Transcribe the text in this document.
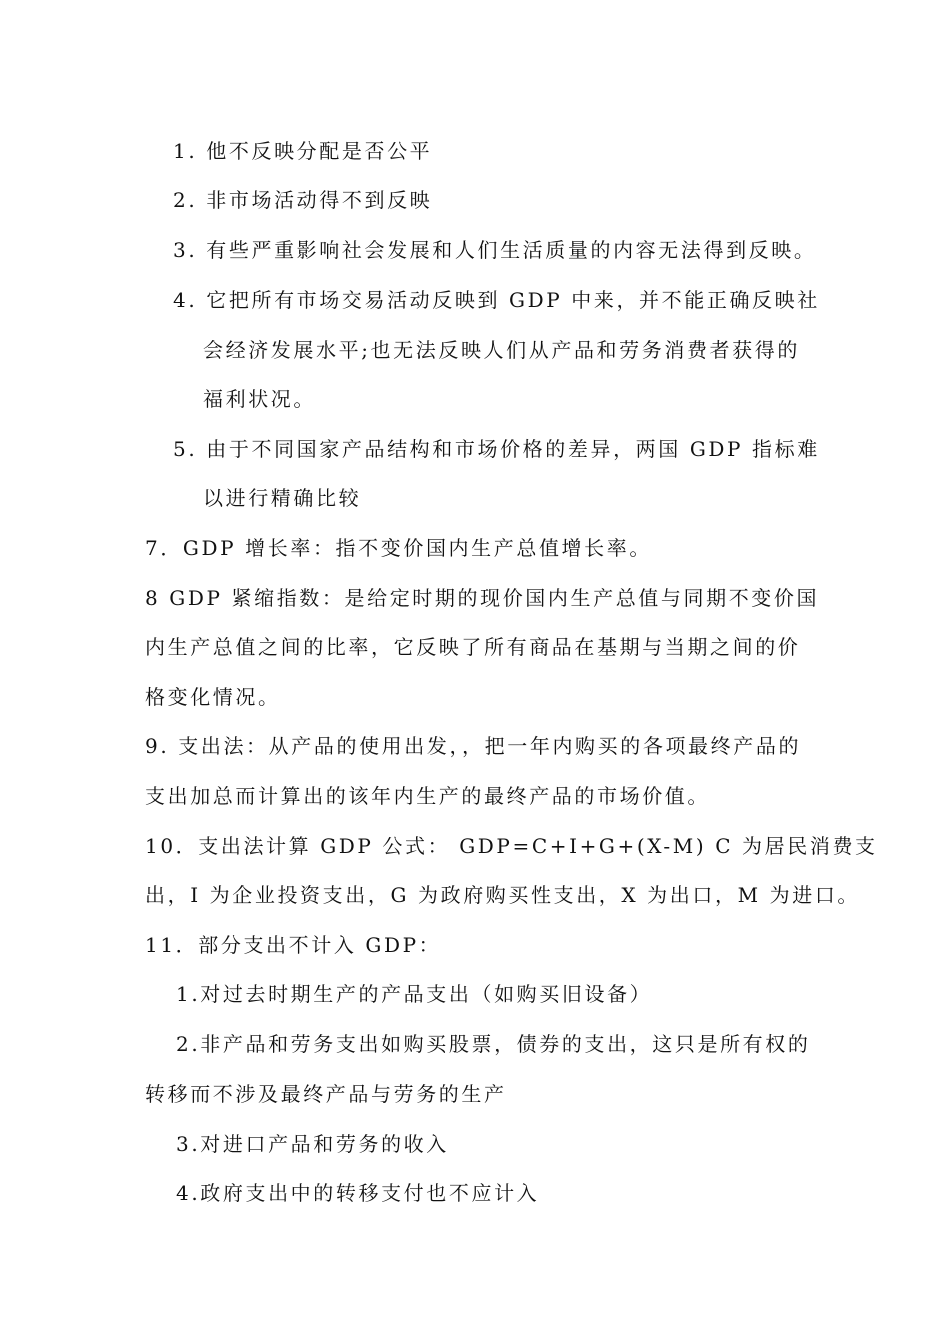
1. 他不反映分配是否公平
2. 非市场活动得不到反映
3. 有些严重影响社会发展和人们生活质量的内容无法得到反映。
4. 它把所有市场交易活动反映到 GDP 中来，并不能正确反映社
会经济发展水平;也无法反映人们从产品和劳务消费者获得的
福利状况。
5. 由于不同国家产品结构和市场价格的差异，两国 GDP 指标难
以进行精确比较
7．GDP 增长率：指不变价国内生产总值增长率。
8 GDP 紧缩指数：是给定时期的现价国内生产总值与同期不变价国
内生产总值之间的比率，它反映了所有商品在基期与当期之间的价
格变化情况。
9. 支出法：从产品的使用出发，，把一年内购买的各项最终产品的
支出加总而计算出的该年内生产的最终产品的市场价值。
10．支出法计算 GDP 公式： GDP=C+I+G+(X-M) C 为居民消费支
出，I 为企业投资支出，G 为政府购买性支出，X 为出口，M 为进口。
11．部分支出不计入 GDP：
1.对过去时期生产的产品支出（如购买旧设备）
2.非产品和劳务支出如购买股票，债券的支出，这只是所有权的
转移而不涉及最终产品与劳务的生产
3.对进口产品和劳务的收入
4.政府支出中的转移支付也不应计入
